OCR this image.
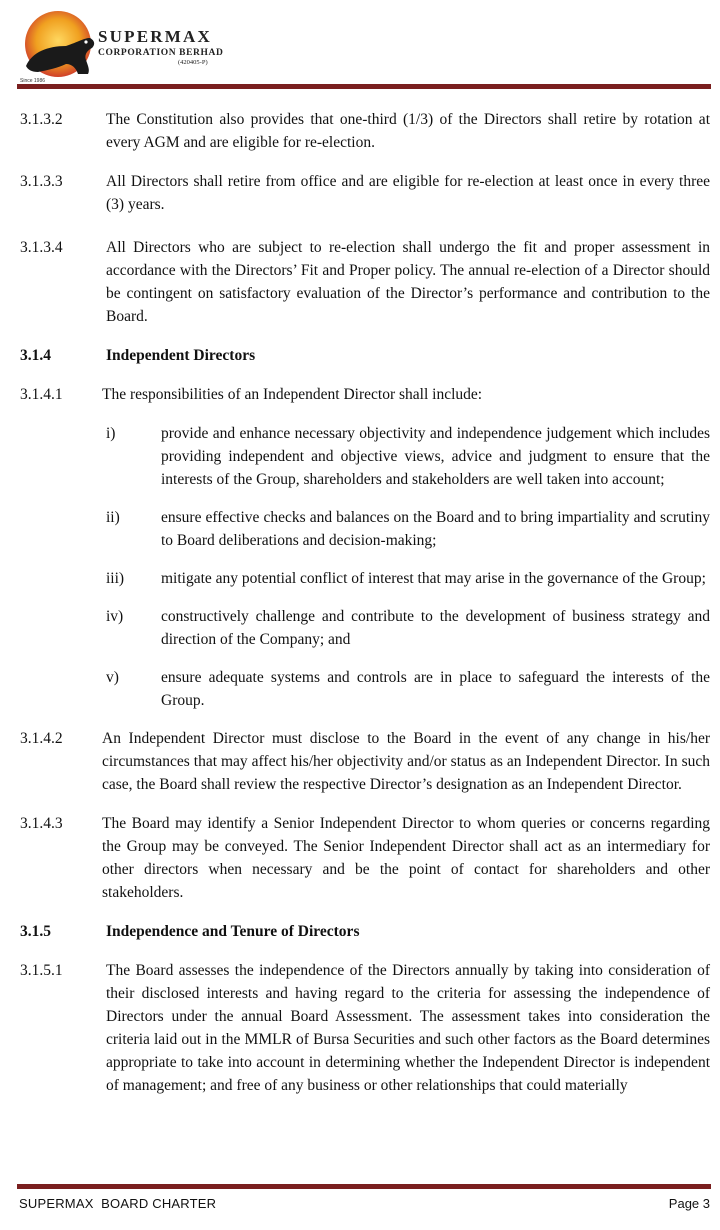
SUPERMAX
CORPORATION BERHAD
(420405-P)
Since 1986
3.1.3.2	The Constitution also provides that one-third (1/3) of the Directors shall retire by rotation at every AGM and are eligible for re-election.
3.1.3.3	All Directors shall retire from office and are eligible for re-election at least once in every three (3) years.
3.1.3.4	All Directors who are subject to re-election shall undergo the fit and proper assessment in accordance with the Directors’ Fit and Proper policy. The annual re-election of a Director should be contingent on satisfactory evaluation of the Director’s performance and contribution to the Board.
3.1.4	Independent Directors
3.1.4.1	The responsibilities of an Independent Director shall include:
i)	provide and enhance necessary objectivity and independence judgement which includes providing independent and objective views, advice and judgment to ensure that the interests of the Group, shareholders and stakeholders are well taken into account;
ii)	ensure effective checks and balances on the Board and to bring impartiality and scrutiny to Board deliberations and decision-making;
iii) mitigate any potential conflict of interest that may arise in the governance of the Group;
iv) constructively challenge and contribute to the development of business strategy and direction of the Company; and
v)	ensure adequate systems and controls are in place to safeguard the interests of the Group.
3.1.4.2	An Independent Director must disclose to the Board in the event of any change in his/her circumstances that may affect his/her objectivity and/or status as an Independent Director. In such case, the Board shall review the respective Director’s designation as an Independent Director.
3.1.4.3	The Board may identify a Senior Independent Director to whom queries or concerns regarding the Group may be conveyed. The Senior Independent Director shall act as an intermediary for other directors when necessary and be the point of contact for shareholders and other stakeholders.
3.1.5	Independence and Tenure of Directors
3.1.5.1	The Board assesses the independence of the Directors annually by taking into consideration of their disclosed interests and having regard to the criteria for assessing the independence of Directors under the annual Board Assessment. The assessment takes into consideration the criteria laid out in the MMLR of Bursa Securities and such other factors as the Board determines appropriate to take into account in determining whether the Independent Director is independent of management; and free of any business or other relationships that could materially
SUPERMAX  BOARD CHARTER	Page 3
